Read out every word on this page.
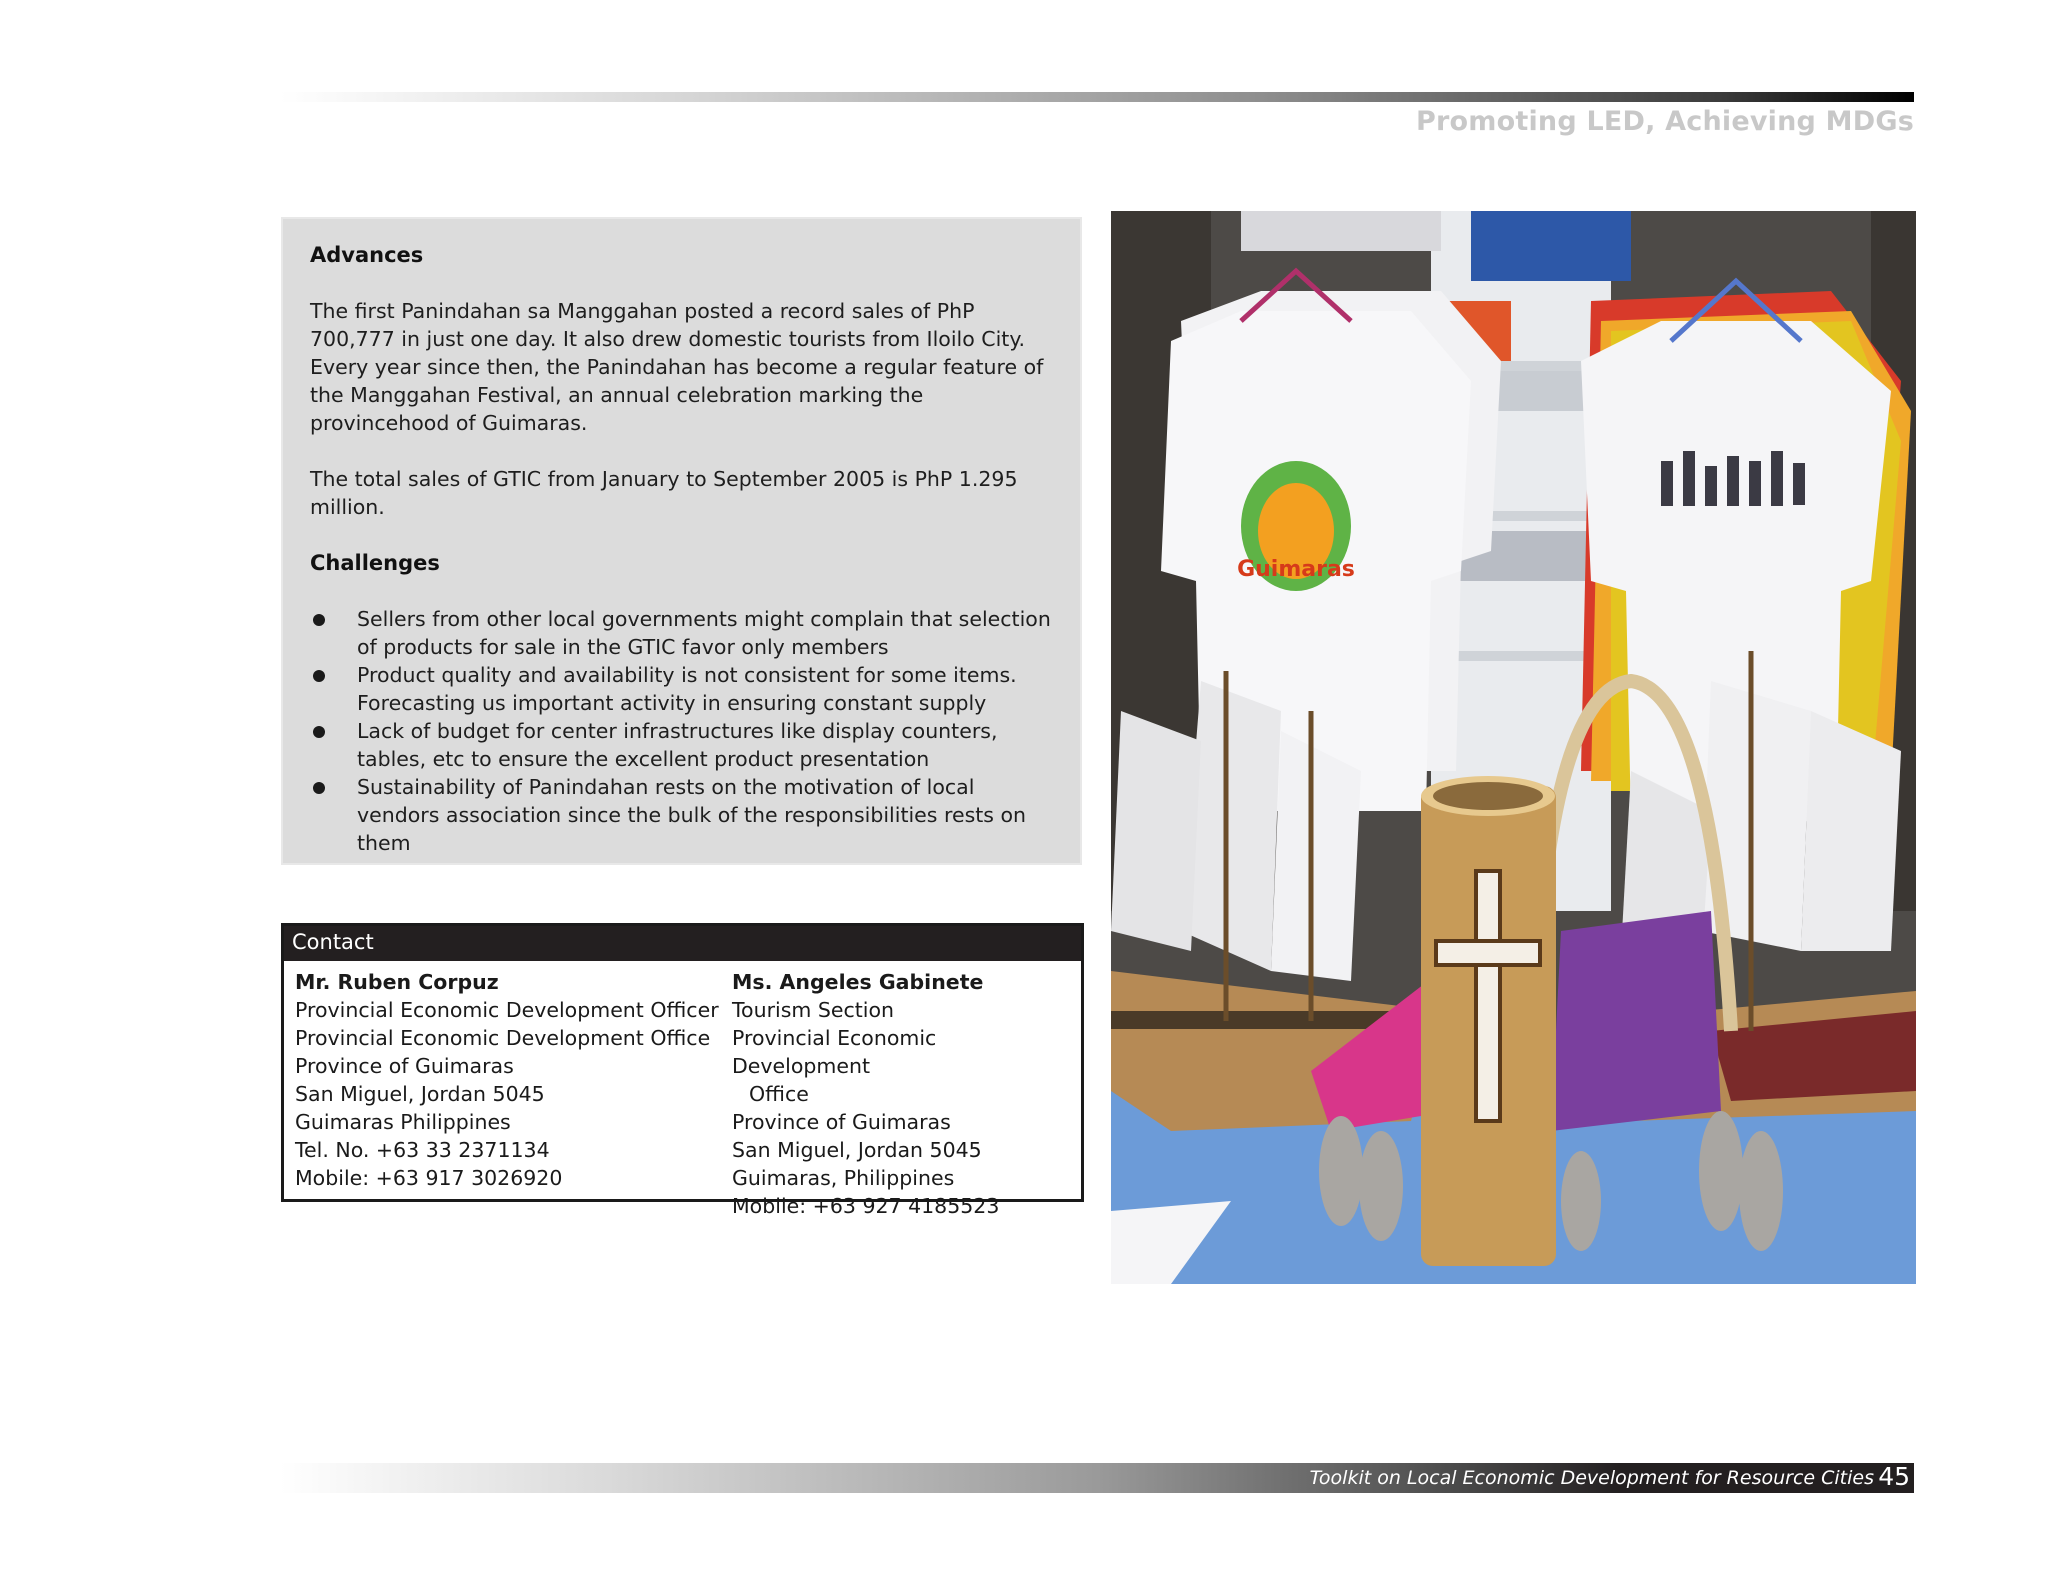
Promoting LED, Achieving MDGs
Advances

The first Panindahan sa Manggahan posted a record sales of PhP 700,777 in just one day. It also drew domestic tourists from Iloilo City. Every year since then, the Panindahan has become a regular feature of the Manggahan Festival, an annual celebration marking the provincehood of Guimaras.

The total sales of GTIC from January to September 2005 is PhP 1.295 million.

Challenges
Sellers from other local governments might complain that selection of products for sale in the GTIC favor only members
Product quality and availability is not consistent for some items. Forecasting us important activity in ensuring constant supply
Lack of budget for center infrastructures like display counters, tables, etc to ensure the excellent product presentation
Sustainability of Panindahan rests on the motivation of local vendors association since the bulk of the responsibilities rests on them
Contact
Mr. Ruben Corpuz
Provincial Economic Development Officer
Provincial Economic Development Office
Province of Guimaras
San Miguel, Jordan 5045
Guimaras Philippines
Tel. No. +63 33 2371134
Mobile: +63 917 3026920
Ms. Angeles Gabinete
Tourism Section
Provincial Economic Development
Office
Province of Guimaras
San Miguel, Jordan 5045
Guimaras, Philippines
Mobile: +63 927 4185523
Guimaras
Toolkit on Local Economic Development for Resource Cities 45
